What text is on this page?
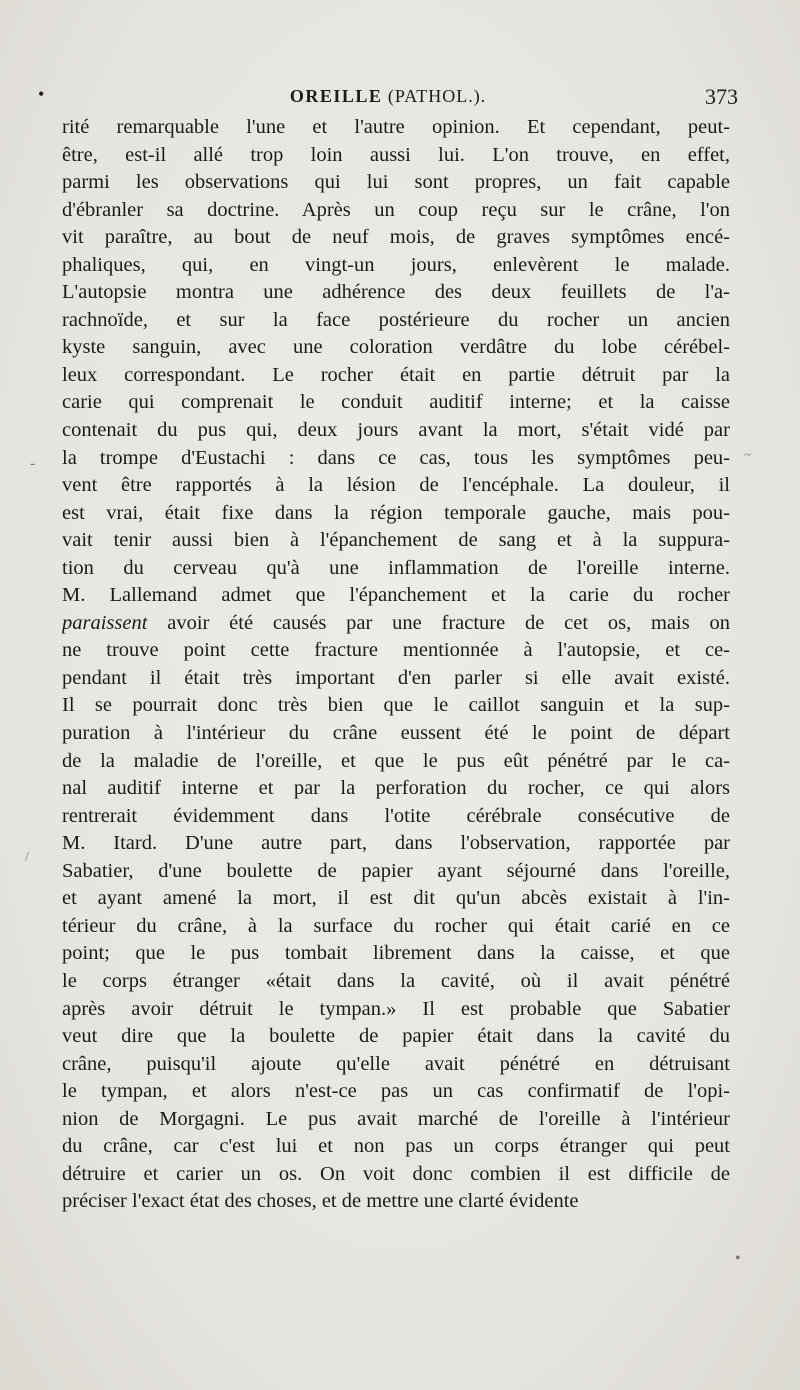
•	OREILLE (PATHOL.).	373
rité remarquable l'une et l'autre opinion. Et cependant, peut-
être, est-il allé trop loin aussi lui. L'on trouve, en effet,
parmi les observations qui lui sont propres, un fait capable
d'ébranler sa doctrine. Après un coup reçu sur le crâne, l'on
vit paraître, au bout de neuf mois, de graves symptômes encé-
phaliques, qui, en vingt-un jours, enlevèrent le malade.
L'autopsie montra une adhérence des deux feuillets de l'a-
rachnoïde, et sur la face postérieure du rocher un ancien
kyste sanguin, avec une coloration verdâtre du lobe cérébel-
leux correspondant. Le rocher était en partie détruit par la
carie qui comprenait le conduit auditif interne; et la caisse
contenait du pus qui, deux jours avant la mort, s'était vidé par
la trompe d'Eustachi : dans ce cas, tous les symptômes peu-
vent être rapportés à la lésion de l'encéphale. La douleur, il
est vrai, était fixe dans la région temporale gauche, mais pou-
vait tenir aussi bien à l'épanchement de sang et à la suppura-
tion du cerveau qu'à une inflammation de l'oreille interne.
M. Lallemand admet que l'épanchement et la carie du rocher
paraissent avoir été causés par une fracture de cet os, mais on
ne trouve point cette fracture mentionnée à l'autopsie, et ce-
pendant il était très important d'en parler si elle avait existé.
Il se pourrait donc très bien que le caillot sanguin et la sup-
puration à l'intérieur du crâne eussent été le point de départ
de la maladie de l'oreille, et que le pus eût pénétré par le ca-
nal auditif interne et par la perforation du rocher, ce qui alors
rentrerait évidemment dans l'otite cérébrale consécutive de
M. Itard. D'une autre part, dans l'observation, rapportée par
Sabatier, d'une boulette de papier ayant séjourné dans l'oreille,
et ayant amené la mort, il est dit qu'un abcès existait à l'in-
térieur du crâne, à la surface du rocher qui était carié en ce
point; que le pus tombait librement dans la caisse, et que
le corps étranger «était dans la cavité, où il avait pénétré
après avoir détruit le tympan.» Il est probable que Sabatier
veut dire que la boulette de papier était dans la cavité du
crâne, puisqu'il ajoute qu'elle avait pénétré en détruisant
le tympan, et alors n'est-ce pas un cas confirmatif de l'opi-
nion de Morgagni. Le pus avait marché de l'oreille à l'intérieur
du crâne, car c'est lui et non pas un corps étranger qui peut
détruire et carier un os. On voit donc combien il est difficile de
préciser l'exact état des choses, et de mettre une clarté évidente
-	~
/
•
